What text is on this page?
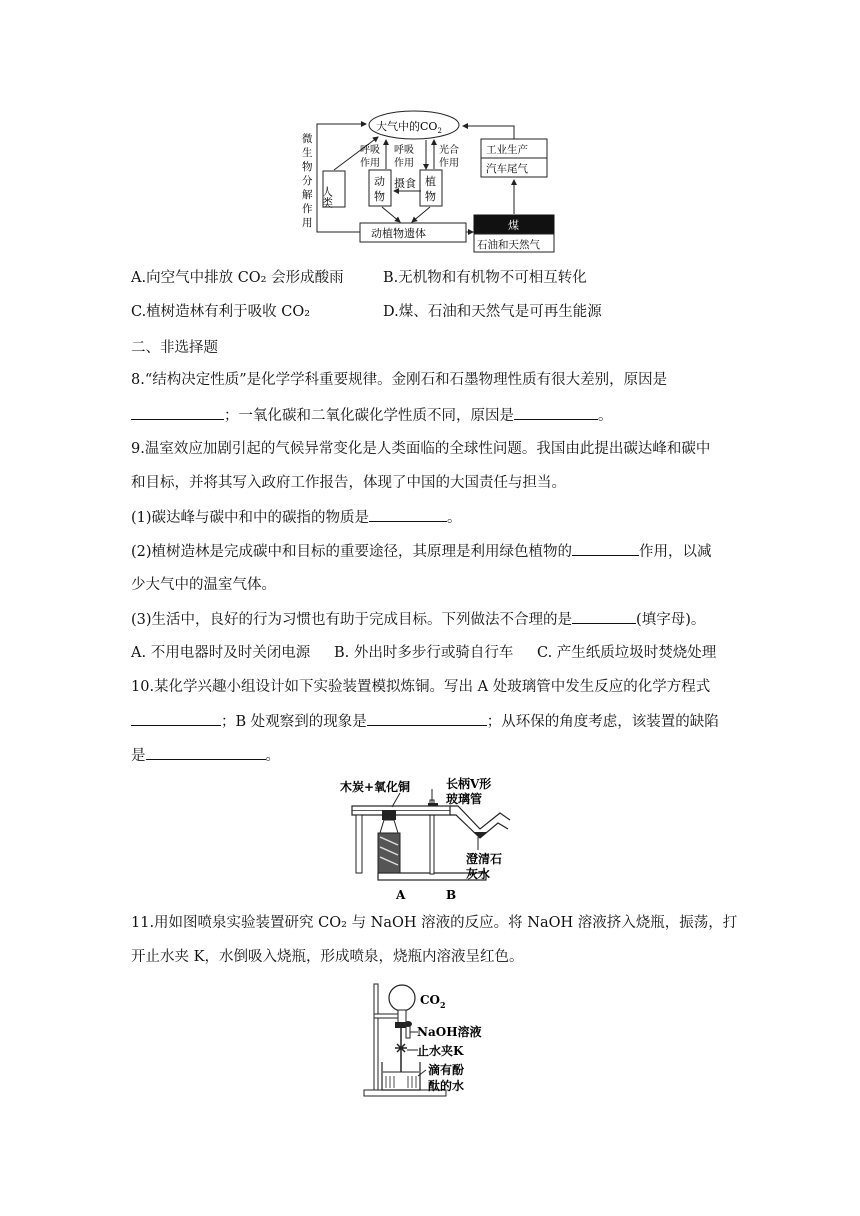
大气中的$CO_2$
微
生
物
分
解
作
用
人类
呼吸
作用
呼吸
作用
光合
作用
动
物
摄食 植
物
动植物遗体
工业生产
汽车尾气
煤
石油和天然气
A.向空气中排放 CO₂ 会形成酸雨	B.无机物和有机物不可相互转化
C.植树造林有利于吸收 CO₂	D.煤、石油和天然气是可再生能源
二、非选择题
8.“结构决定性质”是化学学科重要规律。金刚石和石墨物理性质有很大差别，原因是
；一氧化碳和二氧化碳化学性质不同，原因是	。
9.温室效应加剧引起的气候异常变化是人类面临的全球性问题。我国由此提出碳达峰和碳中
和目标，并将其写入政府工作报告，体现了中国的大国责任与担当。
(1)碳达峰与碳中和中的碳指的物质是	。
(2)植树造林是完成碳中和目标的重要途径，其原理是利用绿色植物的	作用，以减
少大气中的温室气体。
(3)生活中，良好的行为习惯也有助于完成目标。下列做法不合理的是	(填字母)。
A. 不用电器时及时关闭电源 B. 外出时多步行或骑自行车 C. 产生纸质垃圾时焚烧处理
10.某化学兴趣小组设计如下实验装置模拟炼铜。写出 A 处玻璃管中发生反应的化学方程式
；B 处观察到的现象是	；从环保的角度考虑，该装置的缺陷
是	。
木炭+氧化铜	长柄V形
玻璃管
澄清石
灰水
A	B
11.用如图喷泉实验装置研究 CO₂ 与 NaOH 溶液的反应。将 NaOH 溶液挤入烧瓶，振荡，打
开止水夹 K，水倒吸入烧瓶，形成喷泉，烧瓶内溶液呈红色。
$CO_2$
NaOH溶液
止水夹K
滴有酚
酞的水
